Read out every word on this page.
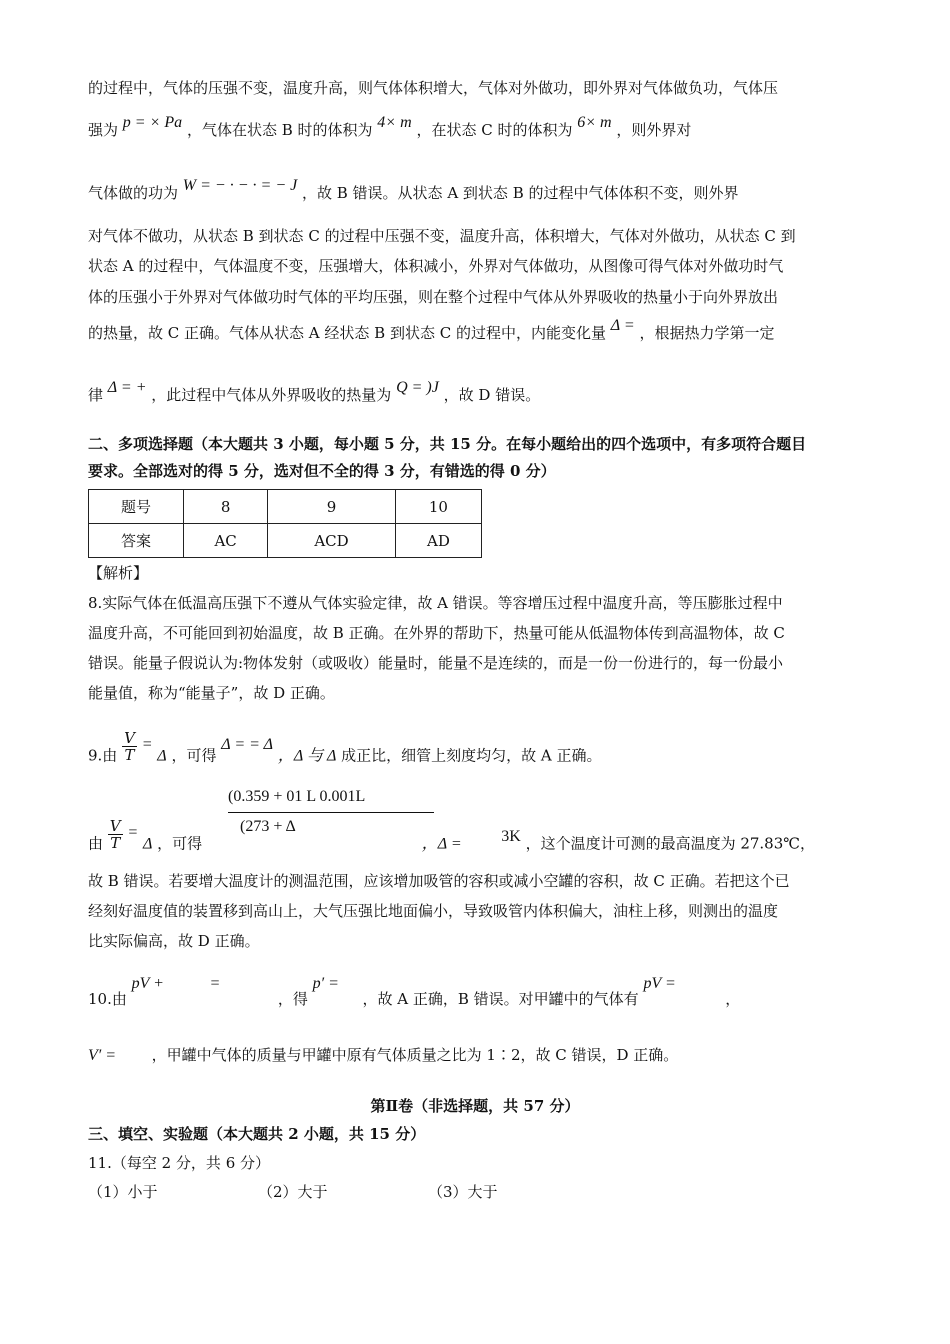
的过程中，气体的压强不变，温度升高，则气体体积增大，气体对外做功，即外界对气体做负功，气体压
强为 p = × Pa ，气体在状态 B 时的体积为 4× m ，在状态 C 时的体积为 6× m ，则外界对
气体做的功为 W = − · − · = − J ，故 B 错误。从状态 A 到状态 B 的过程中气体体积不变，则外界
对气体不做功，从状态 B 到状态 C 的过程中压强不变，温度升高，体积增大，气体对外做功，从状态 C 到
状态 A 的过程中，气体温度不变，压强增大，体积减小，外界对气体做功，从图像可得气体对外做功时气
体的压强小于外界对气体做功时气体的平均压强，则在整个过程中气体从外界吸收的热量小于向外界放出
的热量，故 C 正确。气体从状态 A 经状态 B 到状态 C 的过程中，内能变化量 Δ = ，根据热力学第一定
律 Δ = + ，此过程中气体从外界吸收的热量为 Q = )J ，故 D 错误。
二、多项选择题（本大题共 3 小题，每小题 5 分，共 15 分。在每小题给出的四个选项中，有多项符合题目
要求。全部选对的得 5 分，选对但不全的得 3 分，有错选的得 0 分）
题号	8	9	10
答案	AC	ACD	AD
【解析】
8.实际气体在低温高压强下不遵从气体实验定律，故 A 错误。等容增压过程中温度升高，等压膨胀过程中
温度升高，不可能回到初始温度，故 B 正确。在外界的帮助下，热量可能从低温物体传到高温物体，故 C
错误。能量子假说认为:物体发射（或吸收）能量时，能量不是连续的，而是一份一份进行的，每一份最小
能量值，称为“能量子”，故 D 正确。
9.由 $\frac{V}{T} = \Delta$ ，可得 Δ = = Δ ，Δ 与 Δ 成正比，细管上刻度均匀，故 A 正确。
(0.359 + 01 L 0.001L
(273 + Δ
由 $\frac{V}{T} = \Delta$ ，可得	，Δ = 3K ，这个温度计可测的最高温度为 27.83℃，
故 B 错误。若要增大温度计的测温范围，应该增加吸管的容积或减小空罐的容积，故 C 正确。若把这个已
经刻好温度值的装置移到高山上，大气压强比地面偏小，导致吸管内体积偏大，油柱上移，则测出的温度
比实际偏高，故 D 正确。
10.由 pV +	=  ，得 p′ =  ，故 A 正确，B 错误。对甲罐中的气体有 pV =  ，
V′ = ，甲罐中气体的质量与甲罐中原有气体质量之比为 1∶2，故 C 错误，D 正确。
第Ⅱ卷（非选择题，共 57 分）
三、填空、实验题（本大题共 2 小题，共 15 分）
11.（每空 2 分，共 6 分）
（1）小于	（2）大于	（3）大于
